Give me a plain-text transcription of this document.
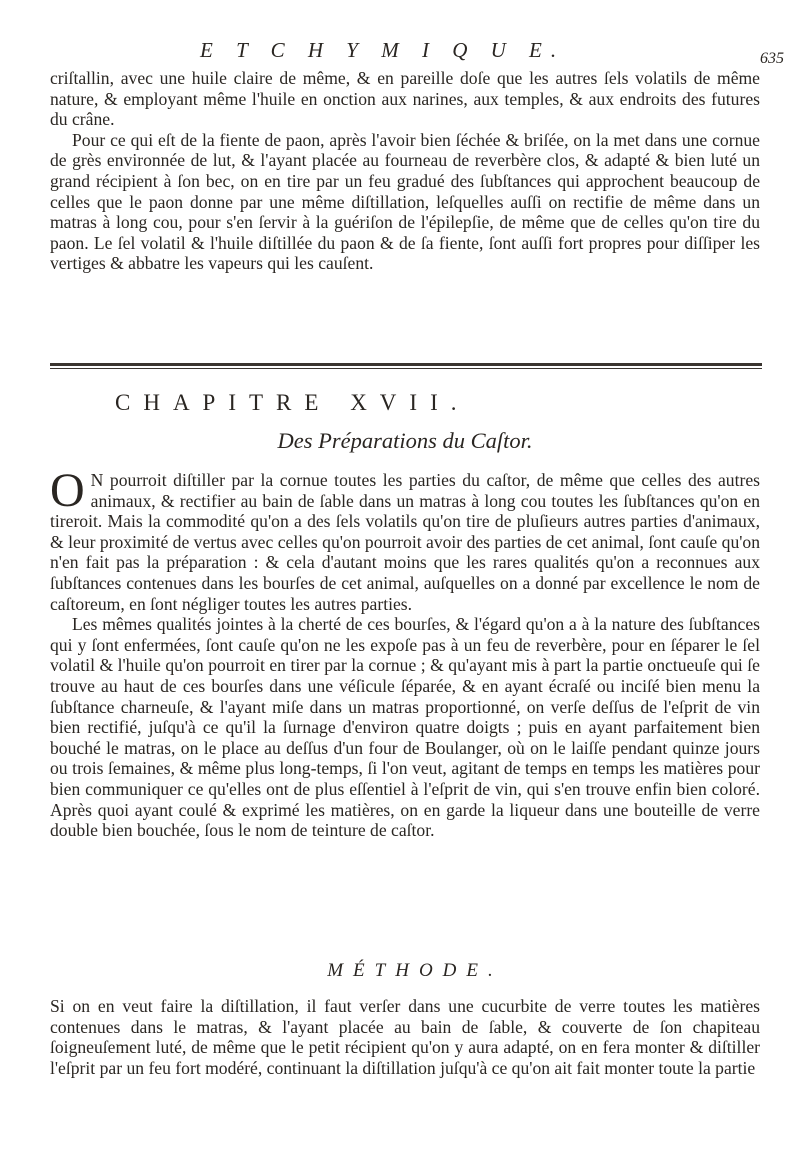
E T C H Y M I Q U E.	635

criſtallin, avec une huile claire de même, & en pareille doſe que les autres ſels volatils de même nature, & employant même l'huile en onction aux narines, aux temples, & aux endroits des futures du crâne.

Pour ce qui eſt de la fiente de paon, après l'avoir bien ſéchée & briſée, on la met dans une cornue de grès environnée de lut, & l'ayant placée au fourneau de reverbère clos, & adapté & bien luté un grand récipient à ſon bec, on en tire par un feu gradué des ſubſtances qui approchent beaucoup de celles que le paon donne par une même diſtillation, leſquelles auſſi on rectifie de même dans un matras à long cou, pour s'en ſervir à la guériſon de l'épilepſie, de même que de celles qu'on tire du paon. Le ſel volatil & l'huile diſtillée du paon & de ſa fiente, ſont auſſi fort propres pour diſſiper les vertiges & abbatre les vapeurs qui les cauſent.

CHAPITRE XVII.
Des Préparations du Caſtor.

O N pourroit diſtiller par la cornue toutes les parties du caſtor, de même que celles des autres animaux, & rectifier au bain de ſable dans un matras à long cou toutes les ſubſtances qu'on en tireroit. Mais la commodité qu'on a des ſels volatils qu'on tire de pluſieurs autres parties d'animaux, & leur proximité de vertus avec celles qu'on pourroit avoir des parties de cet animal, ſont cauſe qu'on n'en fait pas la préparation : & cela d'autant moins que les rares qualités qu'on a reconnues aux ſubſtances contenues dans les bourſes de cet animal, auſquelles on a donné par excellence le nom de caſtoreum, en ſont négliger toutes les autres parties.

Les mêmes qualités jointes à la cherté de ces bourſes, & l'égard qu'on a à la nature des ſubſtances qui y ſont enfermées, ſont cauſe qu'on ne les expoſe pas à un feu de reverbère, pour en ſéparer le ſel volatil & l'huile qu'on pourroit en tirer par la cornue ; & qu'ayant mis à part la partie onctueuſe qui ſe trouve au haut de ces bourſes dans une véſicule ſéparée, & en ayant écraſé ou inciſé bien menu la ſubſtance charneuſe, & l'ayant miſe dans un matras proportionné, on verſe deſſus de l'eſprit de vin bien rectifié, juſqu'à ce qu'il la ſurnage d'environ quatre doigts ; puis en ayant parfaitement bien bouché le matras, on le place au deſſus d'un four de Boulanger, où on le laiſſe pendant quinze jours ou trois ſemaines, & même plus long-temps, ſi l'on veut, agitant de temps en temps les matières pour bien communiquer ce qu'elles ont de plus eſſentiel à l'eſprit de vin, qui s'en trouve enfin bien coloré. Après quoi ayant coulé & exprimé les matières, on en garde la liqueur dans une bouteille de verre double bien bouchée, ſous le nom de teinture de caſtor.

MÉTHODE.

Si on en veut faire la diſtillation, il faut verſer dans une cucurbite de verre toutes les matières contenues dans le matras, & l'ayant placée au bain de ſable, & couverte de ſon chapiteau ſoigneuſement luté, de même que le petit récipient qu'on y aura adapté, on en fera monter & diſtiller l'eſprit par un feu fort modéré, continuant la diſtillation juſqu'à ce qu'on ait fait monter toute la partie
